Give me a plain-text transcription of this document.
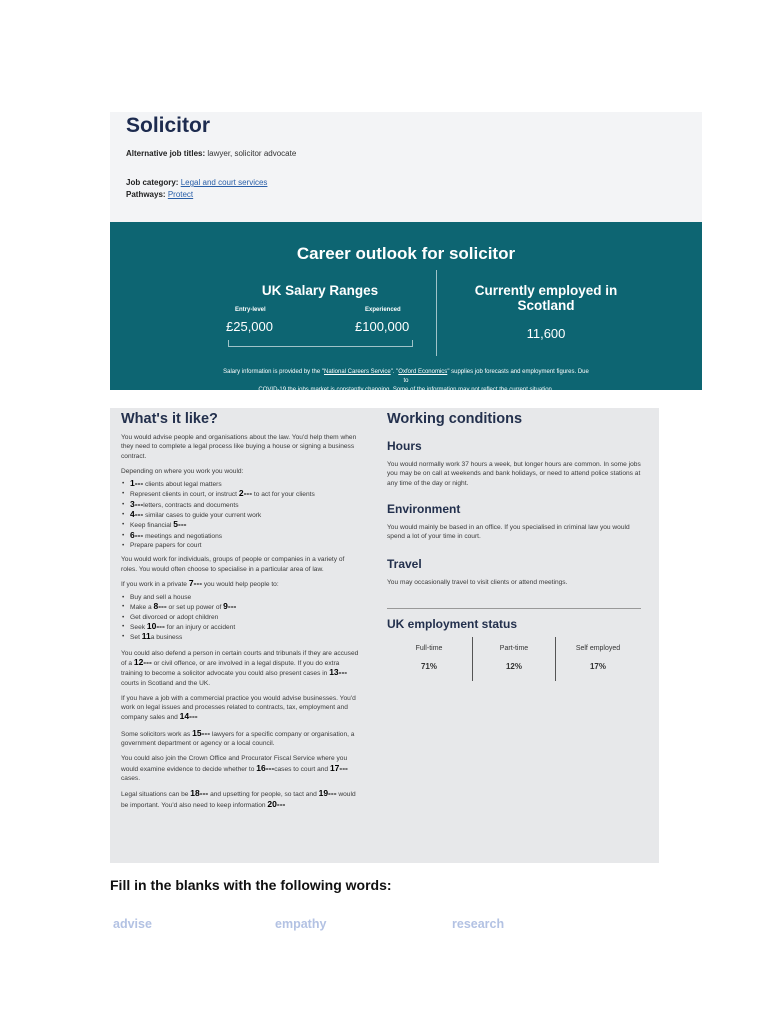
Solicitor
Alternative job titles: lawyer, solicitor advocate
Job category: Legal and court services
Pathways: Protect
Career outlook for solicitor
UK Salary Ranges
Entry-level
£25,000
Experienced
£100,000
Currently employed in
Scotland
11,600
Salary information is provided by the "National Careers Service". "Oxford Economics" supplies job forecasts and employment figures. Due to
COVID-19 the jobs market is constantly changing. Some of the information may not reflect the current situation.
What's it like?
You would advise people and organisations about the law. You'd help them when they need to complete a legal process like buying a house or signing a business contract.
Depending on where you work you would:
• 1--- clients about legal matters
• Represent clients in court, or instruct 2--- to act for your clients
• 3---letters, contracts and documents
• 4--- similar cases to guide your current work
• Keep financial 5---
• 6--- meetings and negotiations
• Prepare papers for court
You would work for individuals, groups of people or companies in a variety of roles. You would often choose to specialise in a particular area of law.
If you work in a private 7--- you would help people to:
• Buy and sell a house
• Make a 8--- or set up power of 9---
• Get divorced or adopt children
• Seek 10--- for an injury or accident
• Set 11a business
You could also defend a person in certain courts and tribunals if they are accused of a 12--- or civil offence, or are involved in a legal dispute. If you do extra training to become a solicitor advocate you could also present cases in 13---courts in Scotland and the UK.
If you have a job with a commercial practice you would advise businesses. You'd work on legal issues and processes related to contracts, tax, employment and company sales and 14---
Some solicitors work as 15--- lawyers for a specific company or organisation, a government department or agency or a local council.
You could also join the Crown Office and Procurator Fiscal Service where you would examine evidence to decide whether to 16---cases to court and 17--- cases.
Legal situations can be 18--- and upsetting for people, so tact and 19--- would be important. You'd also need to keep information 20---
Working conditions
Hours
You would normally work 37 hours a week, but longer hours are common. In some jobs you may be on call at weekends and bank holidays, or need to attend police stations at any time of the day or night.
Environment
You would mainly be based in an office. If you specialised in criminal law you would spend a lot of your time in court.
Travel
You may occasionally travel to visit clients or attend meetings.
UK employment status
Full-time
71%
Part-time
12%
Self employed
17%
Fill in the blanks with the following words:
advise	empathy	research
